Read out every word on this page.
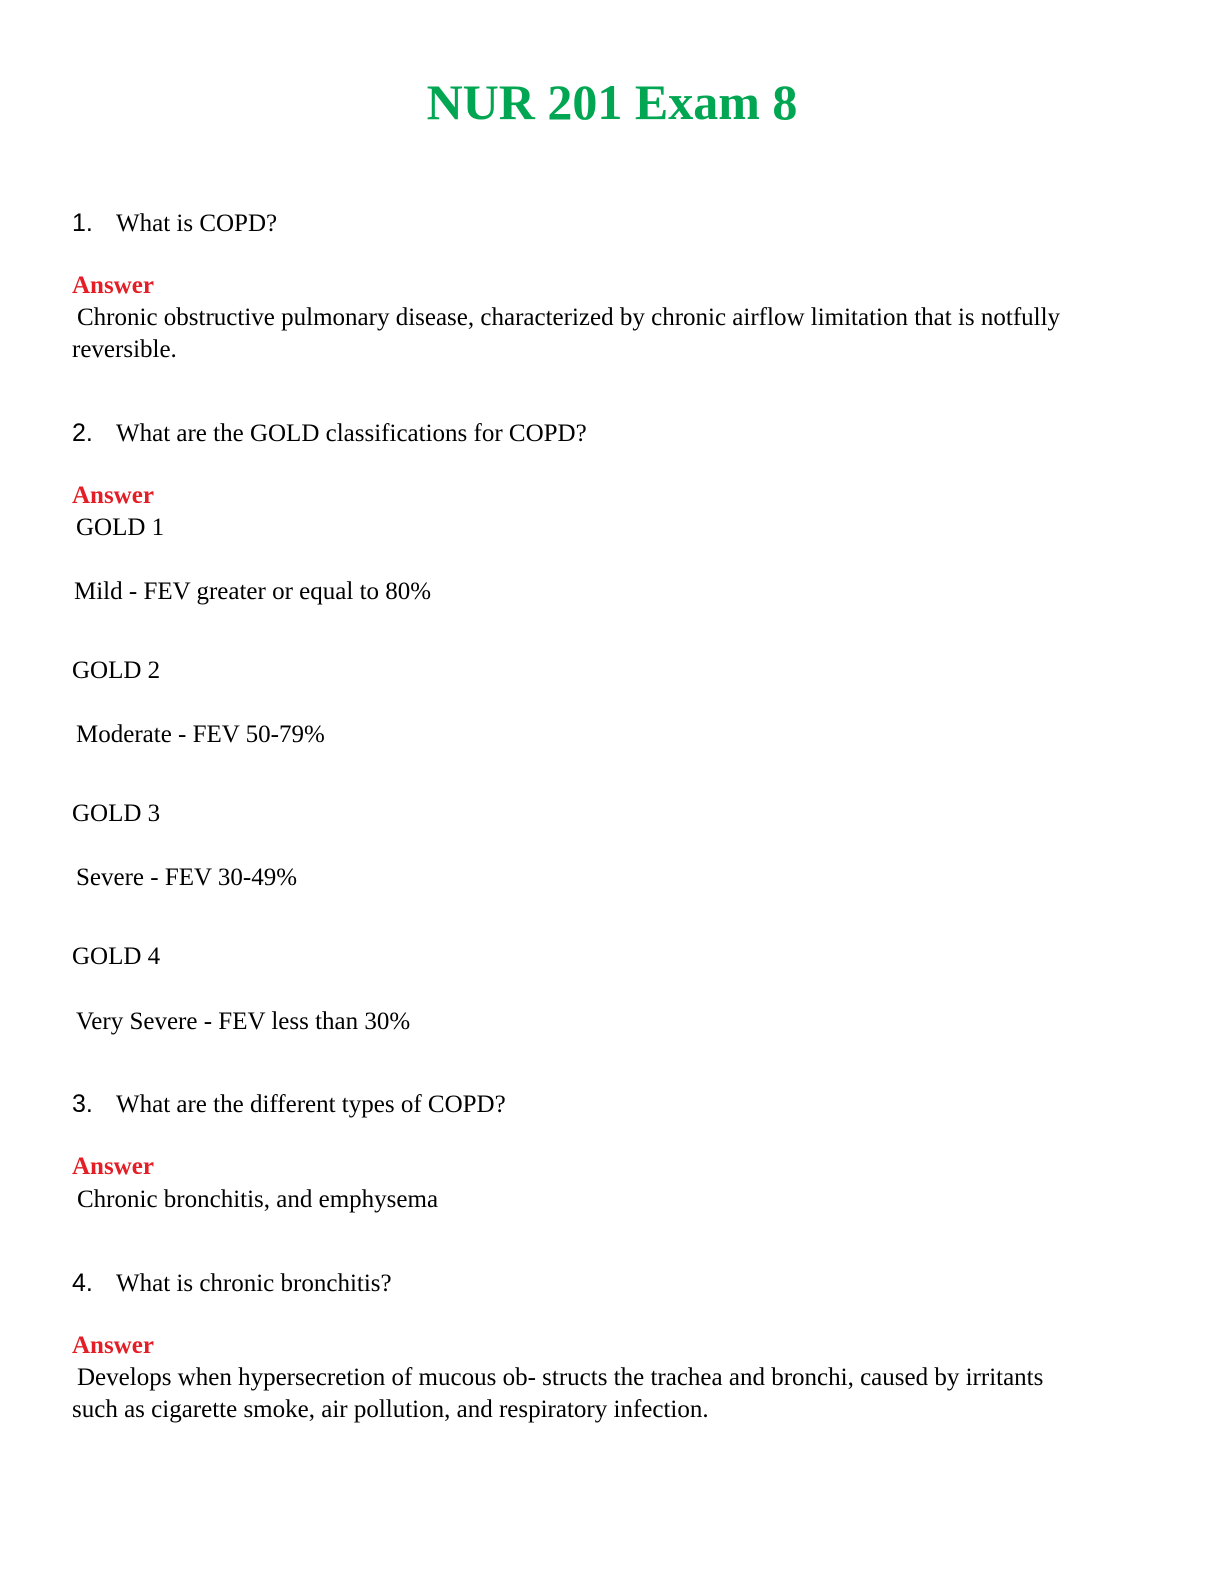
NUR 201 Exam 8
1. What is COPD?
Answer
Chronic obstructive pulmonary disease, characterized by chronic airflow limitation that is notfully reversible.
2. What are the GOLD classifications for COPD?
Answer
GOLD 1
Mild - FEV greater or equal to 80%
GOLD 2
Moderate - FEV 50-79%
GOLD 3
Severe - FEV 30-49%
GOLD 4
Very Severe - FEV less than 30%
3. What are the different types of COPD?
Answer
Chronic bronchitis, and emphysema
4. What is chronic bronchitis?
Answer
Develops when hypersecretion of mucous ob- structs the trachea and bronchi, caused by irritants such as cigarette smoke, air pollution, and respiratory infection.
